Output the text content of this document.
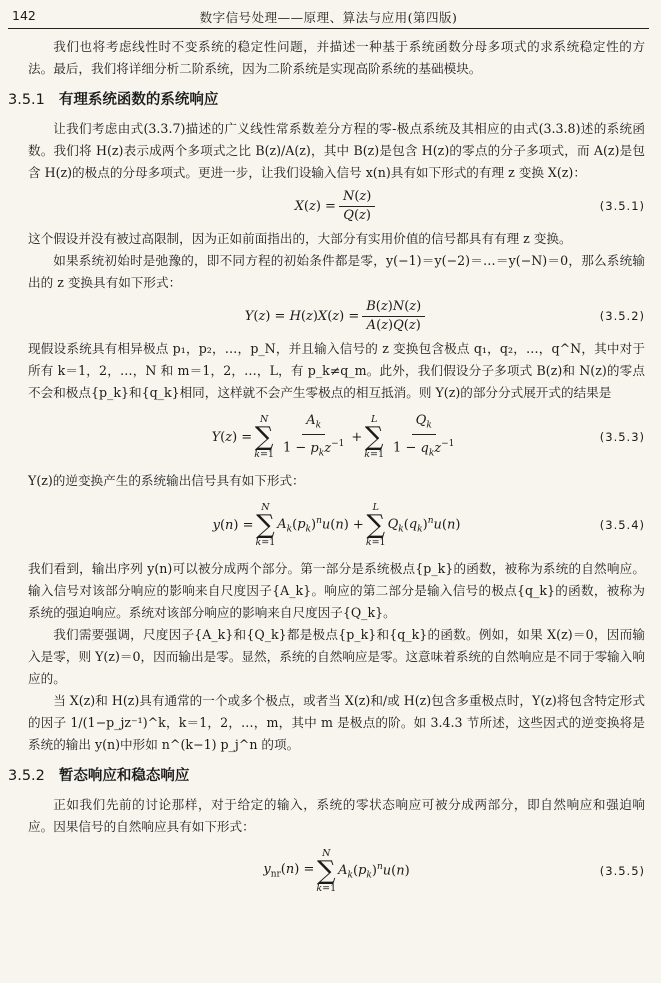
142	数字信号处理——原理、算法与应用(第四版)

我们也将考虑线性时不变系统的稳定性问题，并描述一种基于系统函数分母多项式的求系统稳定性的方法。最后，我们将详细分析二阶系统，因为二阶系统是实现高阶系统的基础模块。

3.5.1 有理系统函数的系统响应

让我们考虑由式(3.3.7)描述的广义线性常系数差分方程的零-极点系统及其相应的由式(3.3.8)述的系统函数。我们将 H(z)表示成两个多项式之比 B(z)/A(z)，其中 B(z)是包含 H(z)的零点的分子多项式，而 A(z)是包含 H(z)的极点的分母多项式。更进一步，让我们设输入信号 x(n)具有如下形式的有理 z 变换 X(z)：

$X(z) = \frac{N(z)}{Q(z)}$	(3.5.1)

这个假设并没有被过高限制，因为正如前面指出的，大部分有实用价值的信号都具有有理 z 变换。

如果系统初始时是弛豫的，即不同方程的初始条件都是零，y(−1)＝y(−2)＝…＝y(−N)＝0，那么系统输出的 z 变换具有如下形式：

$Y(z) = H(z)X(z) = \frac{B(z)N(z)}{A(z)Q(z)}$	(3.5.2)

现假设系统具有相异极点 p₁，p₂，…，p_N，并且输入信号的 z 变换包含极点 q₁，q₂，…，q^N，其中对于所有 k＝1，2，…，N 和 m＝1，2，…，L，有 p_k≠q_m。此外，我们假设分子多项式 B(z)和 N(z)的零点不会和极点{p_k}和{q_k}相同，这样就不会产生零极点的相互抵消。则 Y(z)的部分分式展开式的结果是

Y(z) =
N
∑
$k=1 \frac{A_k}{1 - p_kz^{-1}}$ +
L
∑
$k=1 \frac{Q_k}{1 - q_kz^{-1}}$	(3.5.3)

Y(z)的逆变换产生的系统输出信号具有如下形式：

y(n) =
N
∑
k=1
$A_k(p_k)^nu(n)$ +
L
∑
k=1
$Q_k(q_k)^nu(n)$	(3.5.4)

我们看到，输出序列 y(n)可以被分成两个部分。第一部分是系统极点{p_k}的函数，被称为系统的自然响应。输入信号对该部分响应的影响来自尺度因子{A_k}。响应的第二部分是输入信号的极点{q_k}的函数，被称为系统的强迫响应。系统对该部分响应的影响来自尺度因子{Q_k}。

我们需要强调，尺度因子{A_k}和{Q_k}都是极点{p_k}和{q_k}的函数。例如，如果 X(z)＝0，因而输入是零，则 Y(z)＝0，因而输出是零。显然，系统的自然响应是零。这意味着系统的自然响应是不同于零输入响应的。

当 X(z)和 H(z)具有通常的一个或多个极点，或者当 X(z)和/或 H(z)包含多重极点时，Y(z)将包含特定形式的因子 1/(1−p_jz⁻¹)^k，k＝1，2，…，m，其中 m 是极点的阶。如 3.4.3 节所述，这些因式的逆变换将是系统的输出 y(n)中形如 n^(k−1) p_j^n 的项。

3.5.2 暂态响应和稳态响应

正如我们先前的讨论那样，对于给定的输入，系统的零状态响应可被分成两部分，即自然响应和强迫响应。因果信号的自然响应具有如下形式：

$y_{nr}(n)$ =
N
∑
k=1
$A_k(p_k)^nu(n)$	(3.5.5)
